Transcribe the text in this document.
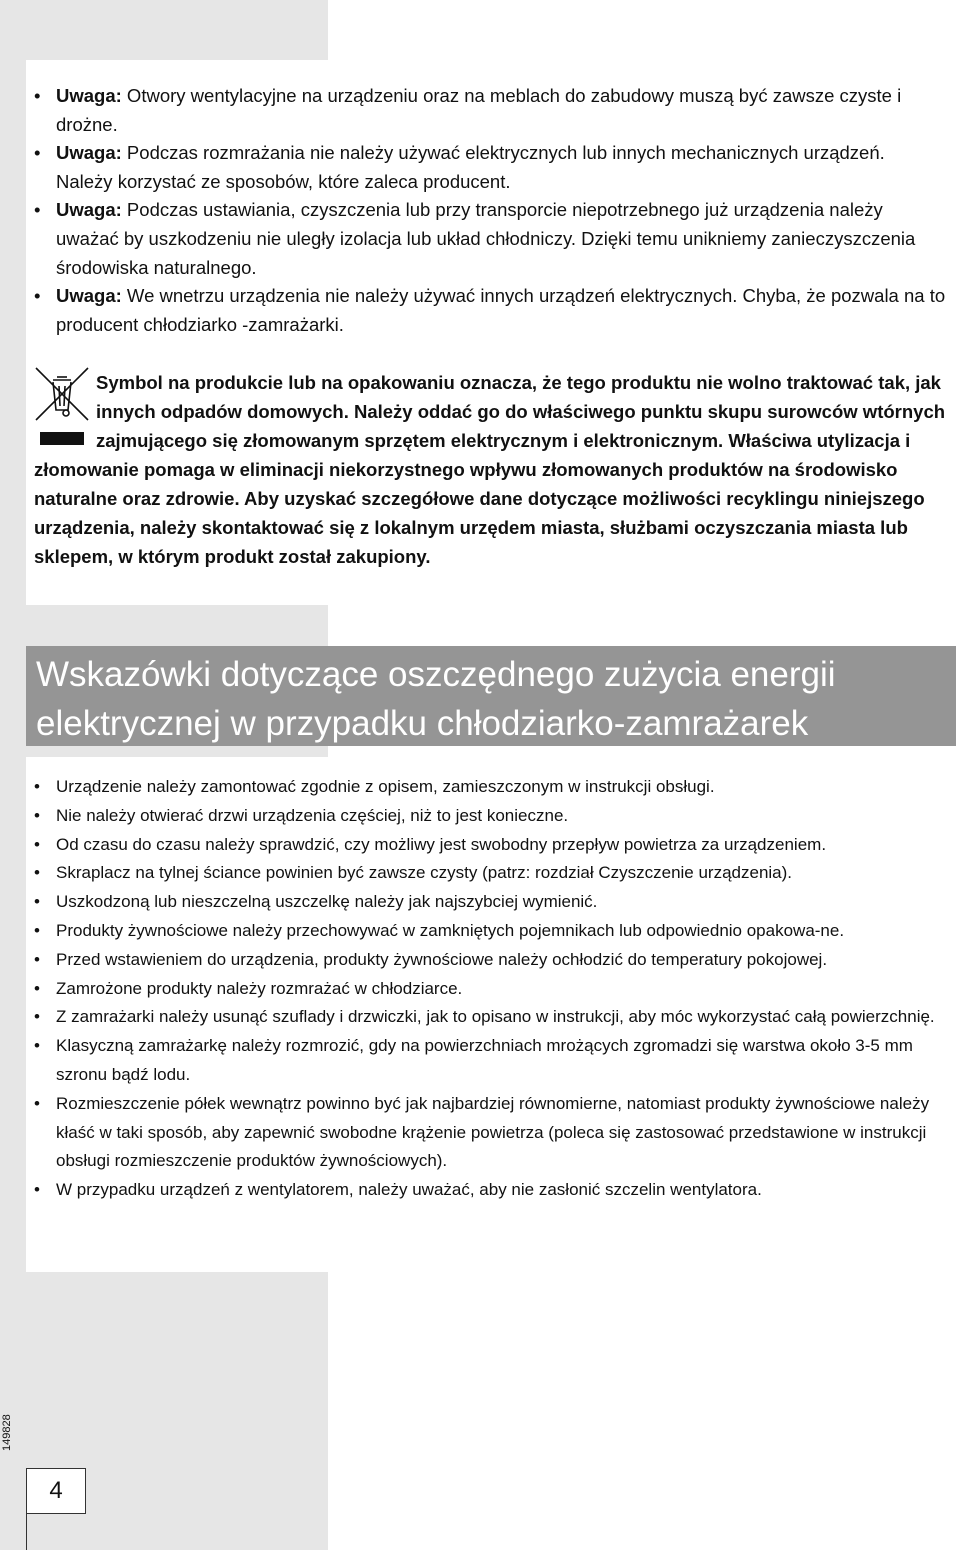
• Uwaga: Otwory wentylacyjne na urządzeniu oraz na meblach do zabudowy muszą być zawsze czyste i drożne.
• Uwaga: Podczas rozmrażania nie należy używać elektrycznych lub innych mechanicznych urządzeń. Należy korzystać ze sposobów, które zaleca producent.
• Uwaga: Podczas ustawiania, czyszczenia lub przy transporcie niepotrzebnego już urządzenia należy uważać by uszkodzeniu nie uległy izolacja lub układ chłodniczy. Dzięki temu unikniemy zanieczyszczenia środowiska naturalnego.
• Uwaga: We wnetrzu urządzenia nie należy używać innych urządzeń elektrycznych. Chyba, że pozwala na to producent chłodziarko -zamrażarki.

Symbol na produkcie lub na opakowaniu oznacza, że tego produktu nie wolno traktować tak, jak innych odpadów domowych. Należy oddać go do właściwego punktu skupu surowców wtórnych zajmującego się złomowanym sprzętem elektrycznym i elektronicznym. Właściwa utylizacja i złomowanie pomaga w eliminacji niekorzystnego wpływu złomowanych produktów na środowisko naturalne oraz zdrowie. Aby uzyskać szczegółowe dane dotyczące możliwości recyklingu niniejszego urządzenia, należy skontaktować się z lokalnym urzędem miasta, służbami oczyszczania miasta lub sklepem, w którym produkt został zakupiony.

Wskazówki dotyczące oszczędnego zużycia energii elektrycznej w przypadku chłodziarko-zamrażarek
• Urządzenie należy zamontować zgodnie z opisem, zamieszczonym w instrukcji obsługi.
• Nie należy otwierać drzwi urządzenia częściej, niż to jest konieczne.
• Od czasu do czasu należy sprawdzić, czy możliwy jest swobodny przepływ powietrza za urządzeniem.
• Skraplacz na tylnej ściance powinien być zawsze czysty (patrz: rozdział Czyszczenie urządzenia).
• Uszkodzoną lub nieszczelną uszczelkę należy jak najszybciej wymienić.
• Produkty żywnościowe należy przechowywać w zamkniętych pojemnikach lub odpowiednio opakowa-ne.
• Przed wstawieniem do urządzenia, produkty żywnościowe należy ochłodzić do temperatury pokojowej.
• Zamrożone produkty należy rozmrażać w chłodziarce.
• Z zamrażarki należy usunąć szuflady i drzwiczki, jak to opisano w instrukcji, aby móc wykorzystać całą powierzchnię.
• Klasyczną zamrażarkę należy rozmrozić, gdy na powierzchniach mrożących zgromadzi się warstwa około 3-5 mm szronu bądź lodu.
• Rozmieszczenie półek wewnątrz powinno być jak najbardziej równomierne, natomiast produkty żywnościowe należy kłaść w taki sposób, aby zapewnić swobodne krążenie powietrza (poleca się zastosować przedstawione w instrukcji obsługi rozmieszczenie produktów żywnościowych).
• W przypadku urządzeń z wentylatorem, należy uważać, aby nie zasłonić szczelin wentylatora.
149828
4
